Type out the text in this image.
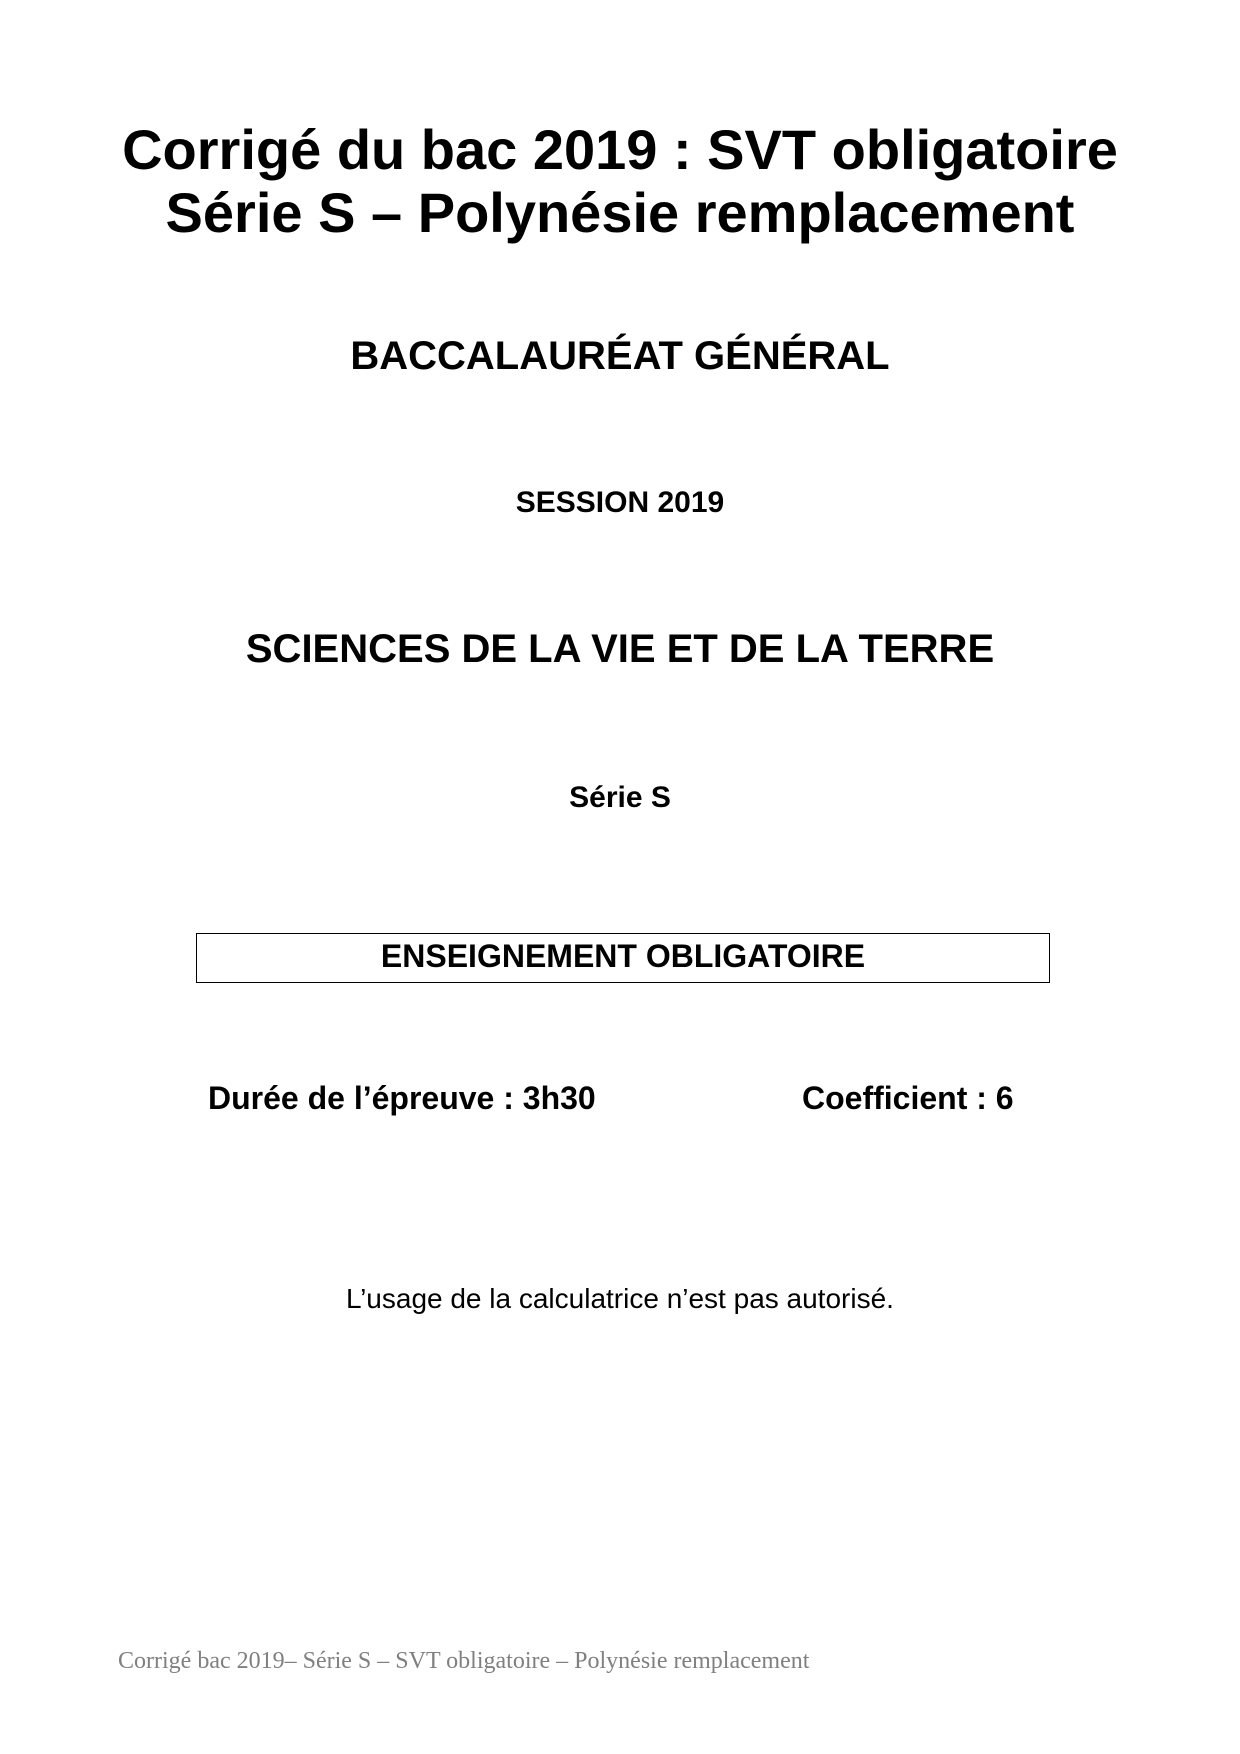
Corrigé du bac 2019 : SVT obligatoire
Série S – Polynésie remplacement
BACCALAURÉAT GÉNÉRAL
SESSION 2019
SCIENCES DE LA VIE ET DE LA TERRE
Série S
ENSEIGNEMENT OBLIGATOIRE
Durée de l’épreuve : 3h30	Coefficient : 6
L’usage de la calculatrice n’est pas autorisé.
Corrigé bac 2019– Série S – SVT obligatoire – Polynésie remplacement
